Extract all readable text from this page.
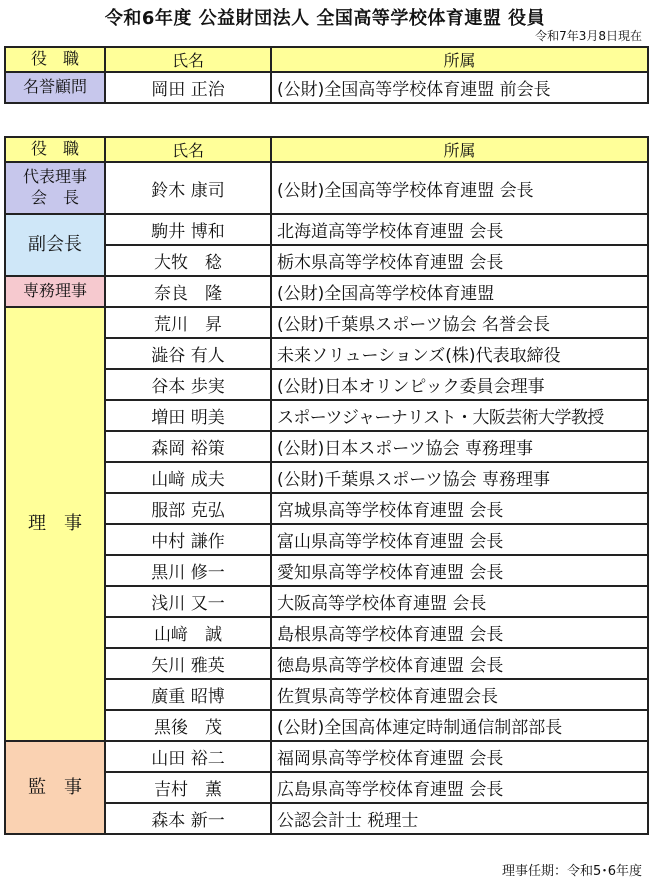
令和6年度 公益財団法人 全国高等学校体育連盟 役員
令和7年3月8日現在
役　職	氏名	所属
名誉顧問	岡田 正治	(公財)全国高等学校体育連盟 前会長
役　職	氏名	所属

代表理事
会　長	鈴木 康司	(公財)全国高等学校体育連盟 会長
副会長	駒井 博和	北海道高等学校体育連盟 会長
	大牧　稔	栃木県高等学校体育連盟 会長
専務理事	奈良　隆	(公財)全国高等学校体育連盟
理　事	荒川　昇	(公財)千葉県スポーツ協会 名誉会長
	澁谷 有人	未来ソリューションズ(株)代表取締役
	谷本 歩実	(公財)日本オリンピック委員会理事
	増田 明美	スポーツジャーナリスト・大阪芸術大学教授
	森岡 裕策	(公財)日本スポーツ協会 専務理事
	山﨑 成夫	(公財)千葉県スポーツ協会 専務理事
	服部 克弘	宮城県高等学校体育連盟 会長
	中村 謙作	富山県高等学校体育連盟 会長
	黒川 修一	愛知県高等学校体育連盟 会長
	浅川 又一	大阪高等学校体育連盟 会長
	山﨑　誠	島根県高等学校体育連盟 会長
	矢川 雅英	徳島県高等学校体育連盟 会長
	廣重 昭博	佐賀県高等学校体育連盟会長
	黒後　茂	(公財)全国高体連定時制通信制部部長
監　事	山田 裕二	福岡県高等学校体育連盟 会長
	吉村　薫	広島県高等学校体育連盟 会長
	森本 新一	公認会計士 税理士
理事任期：令和5･6年度
